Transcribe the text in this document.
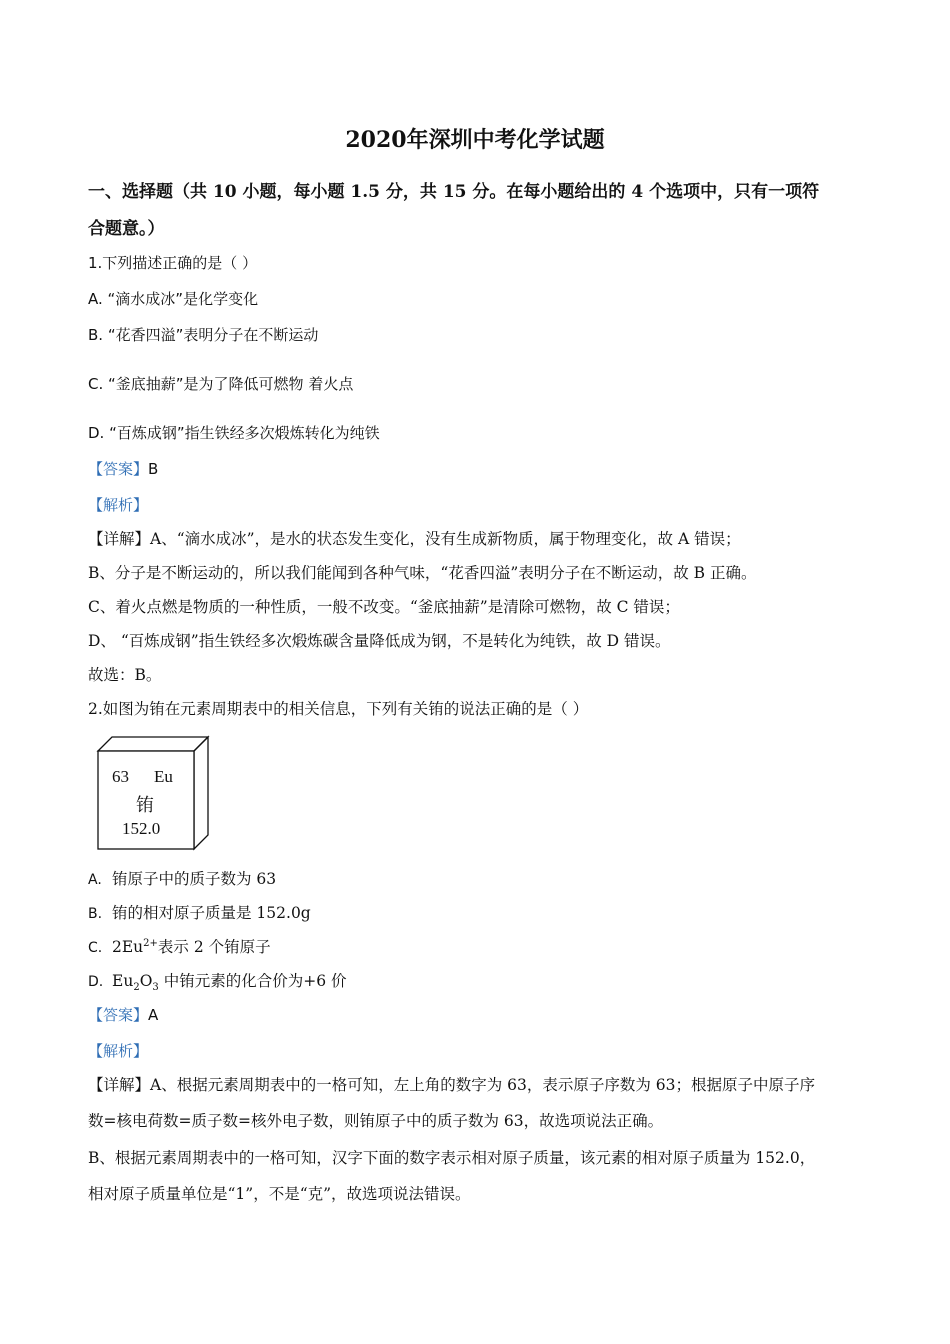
2020年深圳中考化学试题
一、选择题（共 10 小题，每小题 1.5 分，共 15 分。在每小题给出的 4 个选项中，只有一项符
合题意。）
1.下列描述正确的是（ ）
A. “滴水成冰”是化学变化
B. “花香四溢”表明分子在不断运动
C. “釜底抽薪”是为了降低可燃物 着火点
D. “百炼成钢”指生铁经多次煅炼转化为纯铁
【答案】B
【解析】
【详解】A、“滴水成冰”，是水的状态发生变化，没有生成新物质，属于物理变化，故 A 错误；
B、分子是不断运动的，所以我们能闻到各种气味，“花香四溢”表明分子在不断运动，故 B 正确。
C、着火点燃是物质的一种性质，一般不改变。“釜底抽薪”是清除可燃物，故 C 错误；
D、 “百炼成钢”指生铁经多次煅炼碳含量降低成为钢，不是转化为纯铁，故 D 错误。
故选：B。
2.如图为铕在元素周期表中的相关信息，下列有关铕的说法正确的是（ ）
63 Eu
铕
152.0
A. 铕原子中的质子数为 63
B. 铕的相对原子质量是 152.0g
C. $2Eu^{2+}$表示 2 个铕原子
D. $Eu_2O_3$ 中铕元素的化合价为+6 价
【答案】A
【解析】
【详解】A、根据元素周期表中的一格可知，左上角的数字为 63，表示原子序数为 63；根据原子中原子序
数=核电荷数=质子数=核外电子数，则铕原子中的质子数为 63，故选项说法正确。
B、根据元素周期表中的一格可知，汉字下面的数字表示相对原子质量，该元素的相对原子质量为 152.0，
相对原子质量单位是“1”，不是“克”，故选项说法错误。
